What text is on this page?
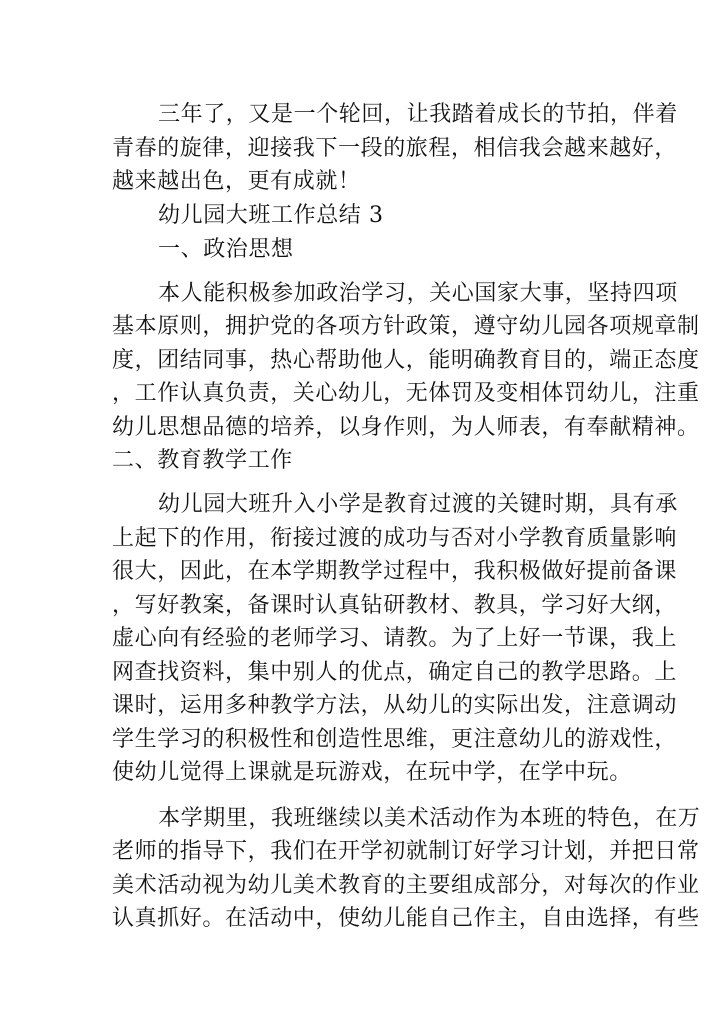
三年了，又是一个轮回，让我踏着成长的节拍，伴着
青春的旋律，迎接我下一段的旅程，相信我会越来越好，
越来越出色，更有成就！
幼儿园大班工作总结 3
一、政治思想
本人能积极参加政治学习，关心国家大事，坚持四项
基本原则，拥护党的各项方针政策，遵守幼儿园各项规章制
度，团结同事，热心帮助他人，能明确教育目的，端正态度
，工作认真负责，关心幼儿，无体罚及变相体罚幼儿，注重
幼儿思想品德的培养，以身作则，为人师表，有奉献精神。
二、教育教学工作
幼儿园大班升入小学是教育过渡的关键时期，具有承
上起下的作用，衔接过渡的成功与否对小学教育质量影响
很大，因此，在本学期教学过程中，我积极做好提前备课
，写好教案，备课时认真钻研教材、教具，学习好大纲，
虚心向有经验的老师学习、请教。为了上好一节课，我上
网查找资料，集中别人的优点，确定自己的教学思路。上
课时，运用多种教学方法，从幼儿的实际出发，注意调动
学生学习的积极性和创造性思维，更注意幼儿的游戏性，
使幼儿觉得上课就是玩游戏，在玩中学，在学中玩。
本学期里，我班继续以美术活动作为本班的特色，在万
老师的指导下，我们在开学初就制订好学习计划，并把日常
美术活动视为幼儿美术教育的主要组成部分，对每次的作业
认真抓好。在活动中，使幼儿能自己作主，自由选择，有些
